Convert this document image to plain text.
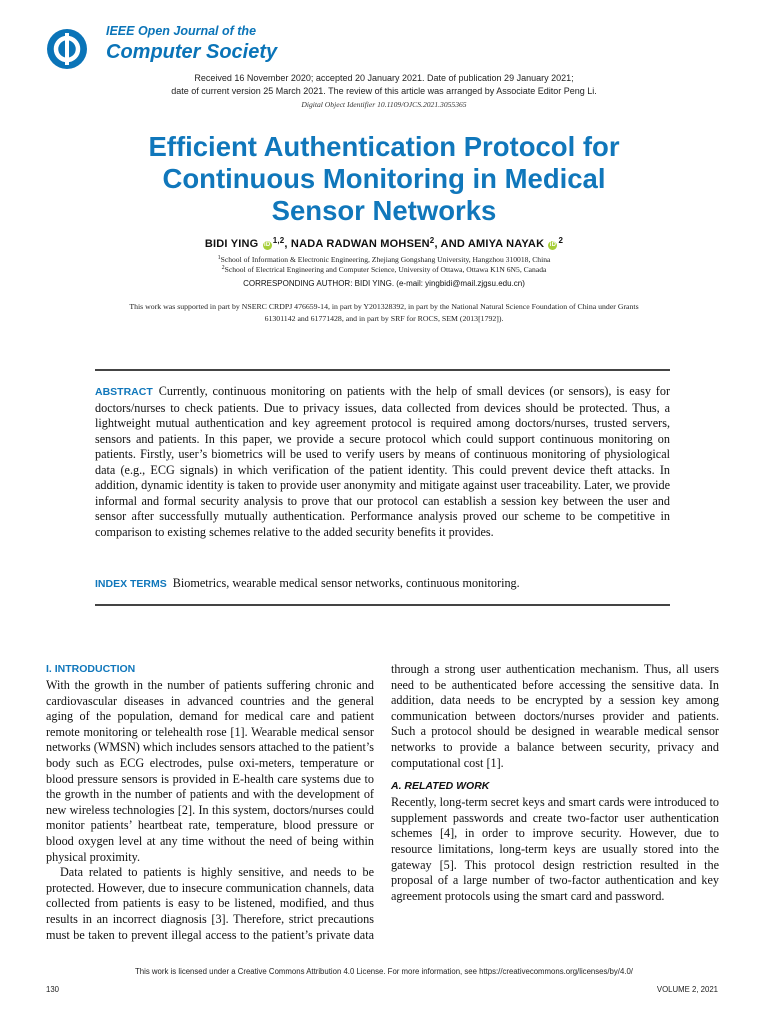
IEEE Open Journal of the
Computer Society
Received 16 November 2020; accepted 20 January 2021. Date of publication 29 January 2021;
date of current version 25 March 2021. The review of this article was arranged by Associate Editor Peng Li.
Digital Object Identifier 10.1109/OJCS.2021.3055365
Efficient Authentication Protocol for
Continuous Monitoring in Medical
Sensor Networks
BIDI YING iD $^{1,2}$, NADA RADWAN MOHSEN$^2$, AND AMIYA NAYAK iD $^2$
$^1$School of Information & Electronic Engineering, Zhejiang Gongshang University, Hangzhou 310018, China
$^2$School of Electrical Engineering and Computer Science, University of Ottawa, Ottawa K1N 6N5, Canada
CORRESPONDING AUTHOR: BIDI YING. (e-mail: yingbidi@mail.zjgsu.edu.cn)
This work was supported in part by NSERC CRDPJ 476659-14, in part by Y201328392, in part by the National Natural Science Foundation of China under Grants
61301142 and 61771428, and in part by SRF for ROCS, SEM (2013[1792]).
ABSTRACT Currently, continuous monitoring on patients with the help of small devices (or sensors), is easy for doctors/nurses to check patients. Due to privacy issues, data collected from devices should be protected. Thus, a lightweight mutual authentication and key agreement protocol is required among doctors/nurses, trusted servers, sensors and patients. In this paper, we provide a secure protocol which could support continuous monitoring on patients. Firstly, user’s biometrics will be used to verify users by means of continuous monitoring of physiological data (e.g., ECG signals) in which verification of the patient identity. This could prevent device theft attacks. In addition, dynamic identity is taken to provide user anonymity and mitigate against user traceability. Later, we provide informal and formal security analysis to prove that our protocol can establish a session key between the user and sensor after successfully mutually authentication. Performance analysis proved our scheme to be competitive in comparison to existing schemes relative to the added security benefits it provides.
INDEX TERMS Biometrics, wearable medical sensor networks, continuous monitoring.
I. INTRODUCTION

With the growth in the number of patients suffering chronic and cardiovascular diseases in advanced countries and the general aging of the population, demand for medical care and patient remote monitoring or telehealth rose [1]. Wearable medical sensor networks (WMSN) which includes sensors attached to the patient’s body such as ECG electrodes, pulse oxi-meters, temperature or blood pressure sensors is provided in E-health care systems due to the growth in the number of patients and with the development of new wireless technologies [2]. In this system, doctors/nurses could monitor patients’ heartbeat rate, temperature, blood pressure or blood oxygen level at any time without the need of being within physical proximity.

Data related to patients is highly sensitive, and needs to be protected. However, due to insecure communication channels, data collected from patients is easy to be listened, modified, and thus results in an incorrect diagnosis [3]. Therefore, strict precautions must be taken to prevent illegal access to the patient’s private data

through a strong user authentication mechanism. Thus, all users need to be authenticated before accessing the sensitive data. In addition, data needs to be encrypted by a session key among communication between doctors/nurses provider and patients. Such a protocol should be designed in wearable medical sensor networks to provide a balance between security, privacy and computational cost [1].

A. RELATED WORK

Recently, long-term secret keys and smart cards were introduced to supplement passwords and create two-factor user authentication schemes [4], in order to improve security. However, due to resource limitations, long-term keys are usually stored into the gateway [5]. This protocol design restriction resulted in the proposal of a large number of two-factor authentication and key agreement protocols using the smart card and password.

This work is licensed under a Creative Commons Attribution 4.0 License. For more information, see https://creativecommons.org/licenses/by/4.0/
130	VOLUME 2, 2021
